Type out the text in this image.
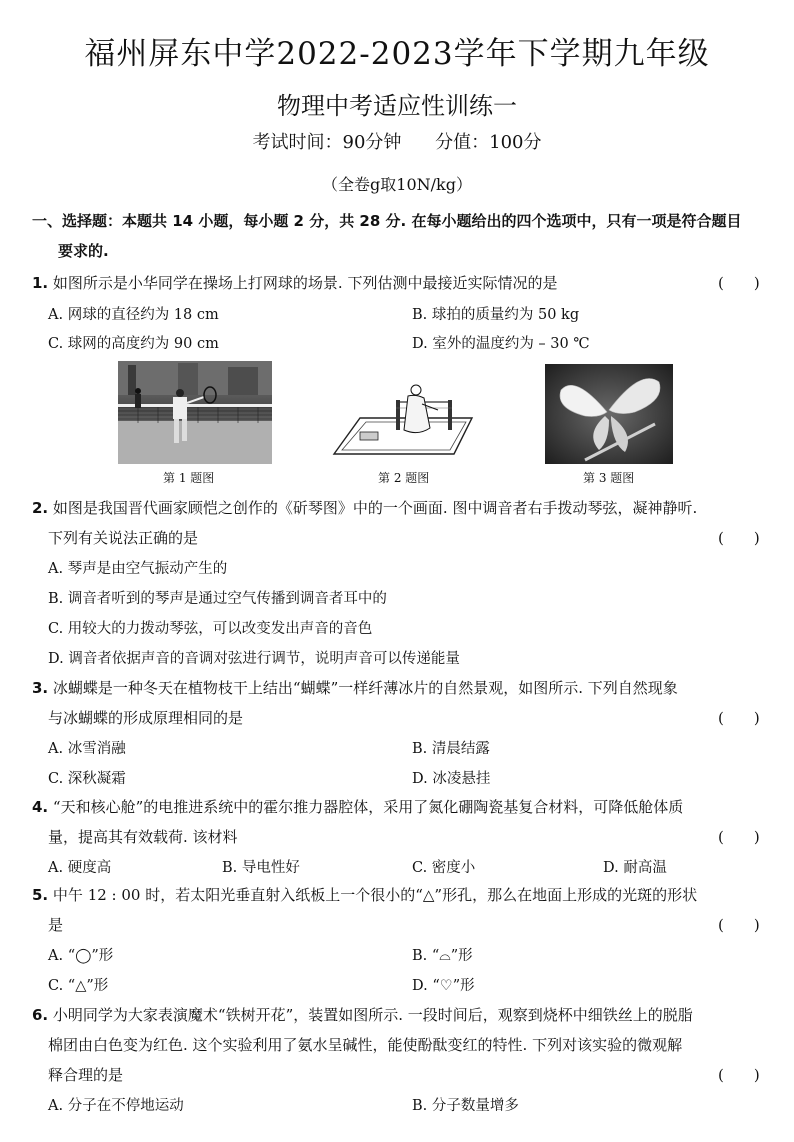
福州屏东中学2022-2023学年下学期九年级
物理中考适应性训练一
考试时间：90分钟 分值：100分
（全卷g取10N/kg）
一、选择题：本题共 14 小题，每小题 2 分，共 28 分. 在每小题给出的四个选项中，只有一项是符合题目
要求的.
1. 如图所示是小华同学在操场上打网球的场景. 下列估测中最接近实际情况的是	(　　)
A. 网球的直径约为 18 cm	B. 球拍的质量约为 50 kg
C. 球网的高度约为 90 cm	D. 室外的温度约为 – 30 ℃
第 1 题图	第 2 题图	第 3 题图
2. 如图是我国晋代画家顾恺之创作的《斫琴图》中的一个画面. 图中调音者右手拨动琴弦，凝神静听.
下列有关说法正确的是	(　　)
A. 琴声是由空气振动产生的
B. 调音者听到的琴声是通过空气传播到调音者耳中的
C. 用较大的力拨动琴弦，可以改变发出声音的音色
D. 调音者依据声音的音调对弦进行调节，说明声音可以传递能量
3. 冰蝴蝶是一种冬天在植物枝干上结出“蝴蝶”一样纤薄冰片的自然景观，如图所示. 下列自然现象
与冰蝴蝶的形成原理相同的是	(　　)
A. 冰雪消融	B. 清晨结露
C. 深秋凝霜	D. 冰凌悬挂
4. “天和核心舱”的电推进系统中的霍尔推力器腔体，采用了氮化硼陶瓷基复合材料，可降低舱体质
量，提高其有效载荷. 该材料	(　　)
A. 硬度高	B. 导电性好	C. 密度小	D. 耐高温
5. 中午 12 : 00 时，若太阳光垂直射入纸板上一个很小的“△”形孔，那么在地面上形成的光斑的形状
是	(　　)
A. “◯”形	B. “⌓”形
C. “△”形	D. “♡”形
6. 小明同学为大家表演魔术“铁树开花”，装置如图所示. 一段时间后，观察到烧杯中细铁丝上的脱脂
棉团由白色变为红色. 这个实验利用了氨水呈碱性，能使酚酞变红的特性. 下列对该实验的微观解
释合理的是	(　　)
A. 分子在不停地运动	B. 分子数量增多
